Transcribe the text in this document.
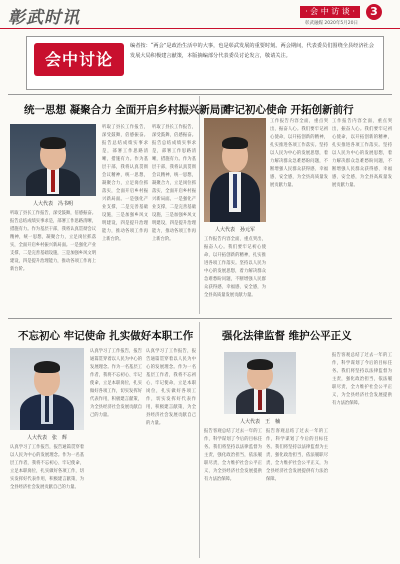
彰武时讯	· 会 中 访 谈 ·	3
彰武融媒 2020年5月20日
会中讨论
编者按：“两会”是政治生活中的大事，也是彰武发展的重要时刻。两会期间，代表委员们围绕全县经济社会发展大局积极建言献策，本版摘编部分代表委员讨论发言，敬请关注。
统一思想 凝聚合力 全面开启乡村振兴新局面
人大代表　冯书明
听取了县长工作报告，深受鼓舞，倍感振奋。报告总结成绩实事求是，部署工作思路清晰，措施有力。作为基层干部，我将认真贯彻会议精神，统一思想，凝聚合力，立足岗位抓落实，全面开启乡村振兴新局面。一是强化产业支撑，二是完善基础设施，三是加强乡风文明建设，四是提升治理能力，推动各项工作再上新台阶。
听取了县长工作报告，深受鼓舞，倍感振奋。报告总结成绩实事求是，部署工作思路清晰，措施有力。作为基层干部，我将认真贯彻会议精神，统一思想，凝聚合力，立足岗位抓落实，全面开启乡村振兴新局面。一是强化产业支撑，二是完善基础设施，三是加强乡风文明建设，四是提升治理能力，推动各项工作再上新台阶。
听取了县长工作报告，深受鼓舞，倍感振奋。报告总结成绩实事求是，部署工作思路清晰，措施有力。作为基层干部，我将认真贯彻会议精神，统一思想，凝聚合力，立足岗位抓落实，全面开启乡村振兴新局面。一是强化产业支撑，二是完善基础设施，三是加强乡风文明建设，四是提升治理能力，推动各项工作再上新台阶。
牢记初心使命 开拓创新前行
人大代表　孙元军
工作报告内容全面，重点突出，振奋人心。我们要牢记初心使命，以开拓创新的精神，扎实推进各项工作落实。坚持以人民为中心的发展思想，着力解决群众急难愁盼问题，不断增强人民群众获得感、幸福感、安全感，为全县高质量发展贡献力量。
工作报告内容全面，重点突出，振奋人心。我们要牢记初心使命，以开拓创新的精神，扎实推进各项工作落实。坚持以人民为中心的发展思想，着力解决群众急难愁盼问题，不断增强人民群众获得感、幸福感、安全感，为全县高质量发展贡献力量。
工作报告内容全面，重点突出，振奋人心。我们要牢记初心使命，以开拓创新的精神，扎实推进各项工作落实。坚持以人民为中心的发展思想，着力解决群众急难愁盼问题，不断增强人民群众获得感、幸福感、安全感，为全县高质量发展贡献力量。
不忘初心 牢记使命 扎实做好本职工作
人大代表　张　辉
认真学习了工作报告，报告通篇贯穿着以人民为中心的发展理念。作为一名基层工作者，我将不忘初心、牢记使命，立足本职岗位，扎实做好各项工作，切实发挥好代表作用，积极建言献策，为全县经济社会发展贡献自己的力量。
认真学习了工作报告，报告通篇贯穿着以人民为中心的发展理念。作为一名基层工作者，我将不忘初心、牢记使命，立足本职岗位，扎实做好各项工作，切实发挥好代表作用，积极建言献策，为全县经济社会发展贡献自己的力量。
认真学习了工作报告，报告通篇贯穿着以人民为中心的发展理念。作为一名基层工作者，我将不忘初心、牢记使命，立足本职岗位，扎实做好各项工作，切实发挥好代表作用，积极建言献策，为全县经济社会发展贡献自己的力量。
强化法律监督 维护公平正义
人大代表　王　楠
报告客观总结了过去一年的工作，科学谋划了今后的目标任务。我们将坚持以法律监督为主责，强化政治担当，依法履职尽责，全力维护社会公平正义，为全县经济社会发展提供有力法治保障。
报告客观总结了过去一年的工作，科学谋划了今后的目标任务。我们将坚持以法律监督为主责，强化政治担当，依法履职尽责，全力维护社会公平正义，为全县经济社会发展提供有力法治保障。
报告客观总结了过去一年的工作，科学谋划了今后的目标任务。我们将坚持以法律监督为主责，强化政治担当，依法履职尽责，全力维护社会公平正义，为全县经济社会发展提供有力法治保障。
